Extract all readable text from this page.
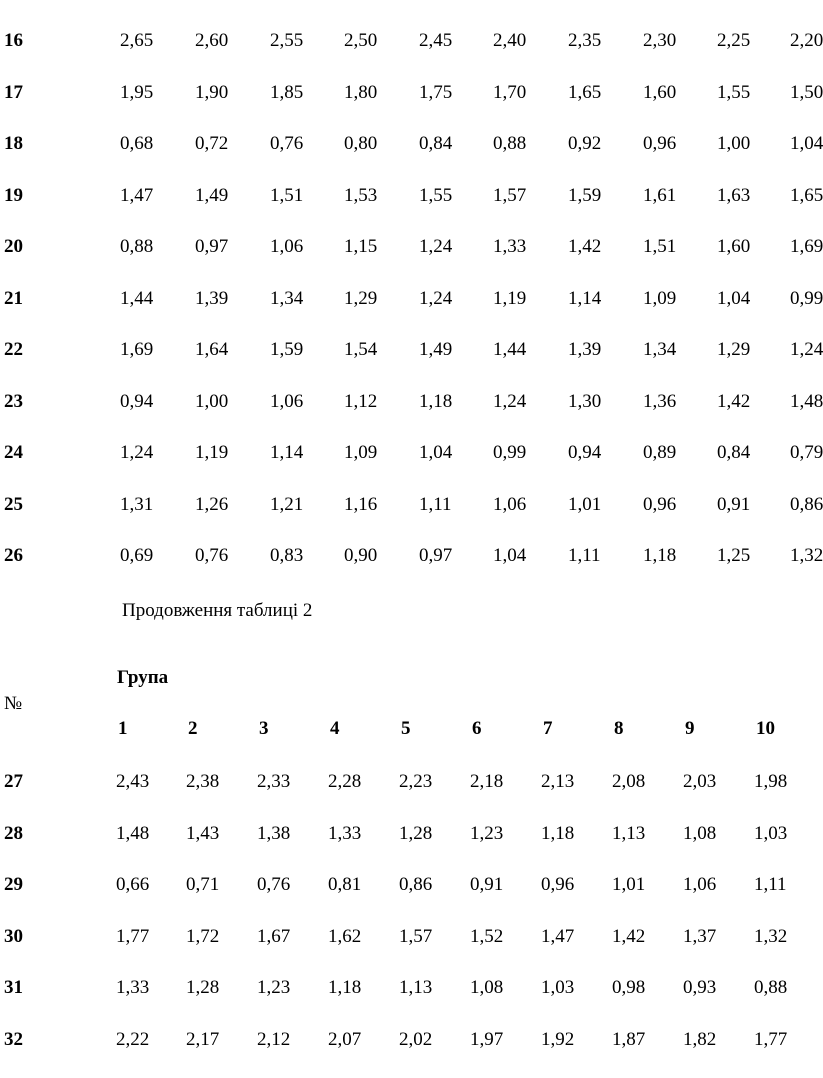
16	2,65 2,60 2,55 2,50 2,45 2,40 2,35 2,30 2,25 2,20
17	1,95 1,90 1,85 1,80 1,75 1,70 1,65 1,60 1,55 1,50
18	0,68 0,72 0,76 0,80 0,84 0,88 0,92 0,96 1,00 1,04
19	1,47 1,49 1,51 1,53 1,55 1,57 1,59 1,61 1,63 1,65
20	0,88 0,97 1,06 1,15 1,24 1,33 1,42 1,51 1,60 1,69
21	1,44 1,39 1,34 1,29 1,24 1,19 1,14 1,09 1,04 0,99
22	1,69 1,64 1,59 1,54 1,49 1,44 1,39 1,34 1,29 1,24
23	0,94 1,00 1,06 1,12 1,18 1,24 1,30 1,36 1,42 1,48
24	1,24 1,19 1,14 1,09 1,04 0,99 0,94 0,89 0,84 0,79
25	1,31 1,26 1,21 1,16 1,11 1,06 1,01 0,96 0,91 0,86
26	0,69 0,76 0,83 0,90 0,97 1,04 1,11 1,18 1,25 1,32
Продовження таблиці 2
Група
№
1	2	3	4	5	6	7	8	9	10
27	2,43 2,38 2,33 2,28 2,23 2,18 2,13 2,08 2,03 1,98
28	1,48 1,43 1,38 1,33 1,28 1,23 1,18 1,13 1,08 1,03
29	0,66 0,71 0,76 0,81 0,86 0,91 0,96 1,01 1,06 1,11
30	1,77 1,72 1,67 1,62 1,57 1,52 1,47 1,42 1,37 1,32
31	1,33 1,28 1,23 1,18 1,13 1,08 1,03 0,98 0,93 0,88
32	2,22 2,17 2,12 2,07 2,02 1,97 1,92 1,87 1,82 1,77
